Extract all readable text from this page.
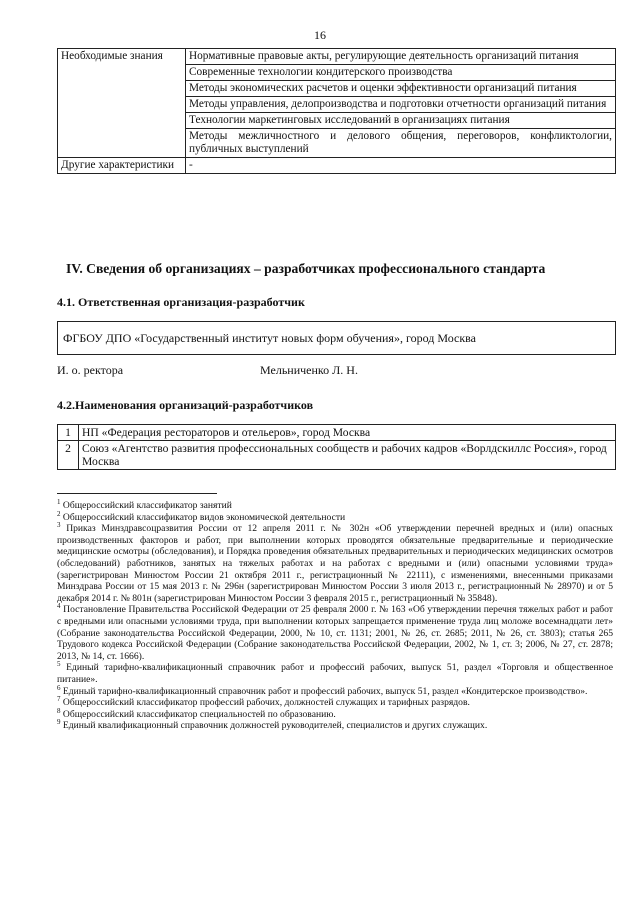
16
Необходимые знания	Нормативные правовые акты, регулирующие деятельность организаций питания
	Современные технологии кондитерского производства
	Методы экономических расчетов и оценки эффективности организаций питания
	Методы управления, делопроизводства и подготовки отчетности организаций питания
	Технологии маркетинговых исследований в организациях питания
	Методы межличностного и делового общения, переговоров, конфликтологии, публичных выступлений
Другие характеристики	-
IV. Сведения об организациях – разработчиках профессионального стандарта
4.1. Ответственная организация-разработчик
ФГБОУ ДПО «Государственный институт новых форм обучения», город Москва
И. о. ректора	Мельниченко Л. Н.
4.2.Наименования организаций-разработчиков
1	НП «Федерация рестораторов и отельеров», город Москва
2	Союз «Агентство развития профессиональных сообществ и рабочих кадров «Ворлдскиллс Россия», город Москва
$^1$ Общероссийский классификатор занятий
$^2$ Общероссийский классификатор видов экономической деятельности
$^3$ Приказ Минздравсоцразвития России от 12 апреля 2011 г. № 302н «Об утверждении перечней вредных и (или) опасных производственных факторов и работ, при выполнении которых проводятся обязательные предварительные и периодические медицинские осмотры (обследования), и Порядка проведения обязательных предварительных и периодических медицинских осмотров (обследований) работников, занятых на тяжелых работах и на работах с вредными и (или) опасными условиями труда» (зарегистрирован Минюстом России 21 октября 2011 г., регистрационный № 22111), с изменениями, внесенными приказами Минздрава России от 15 мая 2013 г. № 296н (зарегистрирован Минюстом России 3 июля 2013 г., регистрационный № 28970) и от 5 декабря 2014 г. № 801н (зарегистрирован Минюстом России 3 февраля 2015 г., регистрационный № 35848).
$^4$ Постановление Правительства Российской Федерации от 25 февраля 2000 г. № 163 «Об утверждении перечня тяжелых работ и работ с вредными или опасными условиями труда, при выполнении которых запрещается применение труда лиц моложе восемнадцати лет» (Собрание законодательства Российской Федерации, 2000, № 10, ст. 1131; 2001, № 26, ст. 2685; 2011, № 26, ст. 3803); статья 265 Трудового кодекса Российской Федерации (Собрание законодательства Российской Федерации, 2002, № 1, ст. 3; 2006, № 27, ст. 2878; 2013, № 14, ст. 1666).
$^5$ Единый тарифно-квалификационный справочник работ и профессий рабочих, выпуск 51, раздел «Торговля и общественное питание».
$^6$ Единый тарифно-квалификационный справочник работ и профессий рабочих, выпуск 51, раздел «Кондитерское производство».
$^7$ Общероссийский классификатор профессий рабочих, должностей служащих и тарифных разрядов.
$^8$ Общероссийский классификатор специальностей по образованию.
$^9$ Единый квалификационный справочник должностей руководителей, специалистов и других служащих.
